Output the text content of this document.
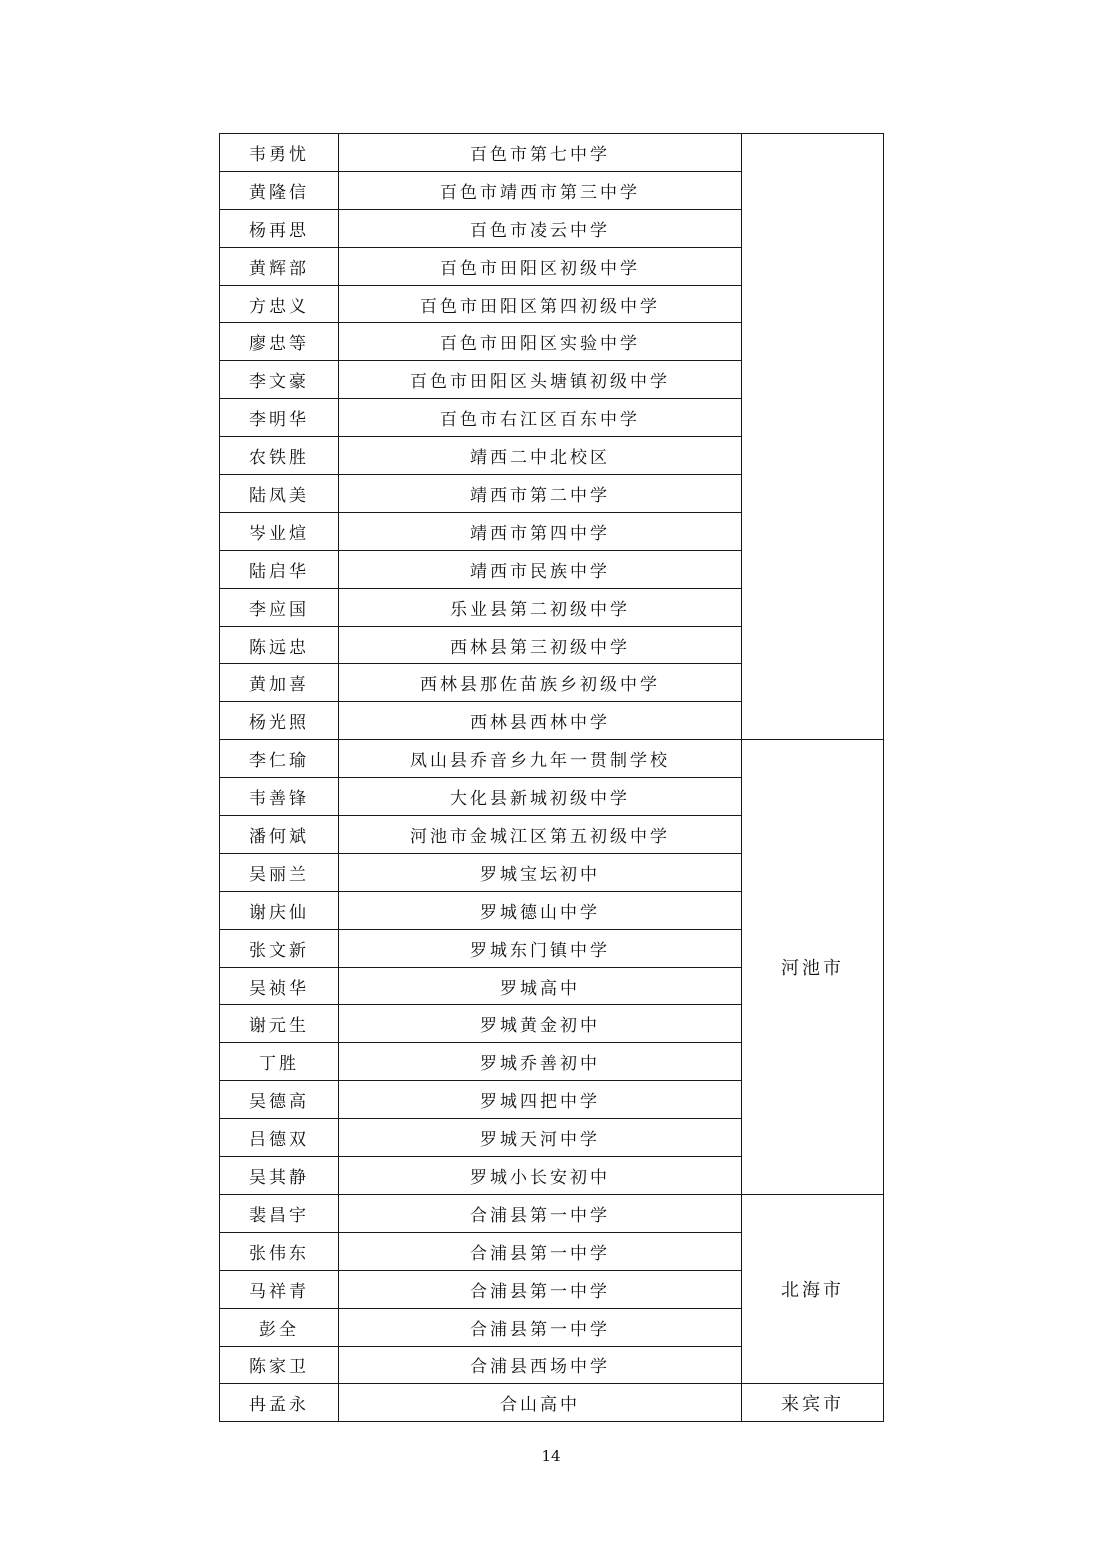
韦勇忧	百色市第七中学	
黄隆信	百色市靖西市第三中学	
杨再思	百色市凌云中学	
黄辉部	百色市田阳区初级中学	
方忠义	百色市田阳区第四初级中学	
廖忠等	百色市田阳区实验中学	
李文豪	百色市田阳区头塘镇初级中学	
李明华	百色市右江区百东中学	
农铁胜	靖西二中北校区	
陆凤美	靖西市第二中学	
岑业煊	靖西市第四中学	
陆启华	靖西市民族中学	
李应国	乐业县第二初级中学	
陈远忠	西林县第三初级中学	
黄加喜	西林县那佐苗族乡初级中学	
杨光照	西林县西林中学	
李仁瑜	凤山县乔音乡九年一贯制学校	河池市
韦善锋	大化县新城初级中学	
潘何斌	河池市金城江区第五初级中学	
吴丽兰	罗城宝坛初中	
谢庆仙	罗城德山中学	
张文新	罗城东门镇中学	
吴祯华	罗城高中	
谢元生	罗城黄金初中	
丁胜	罗城乔善初中	
吴德高	罗城四把中学	
吕德双	罗城天河中学	
吴其静	罗城小长安初中	
裴昌宇	合浦县第一中学	北海市
张伟东	合浦县第一中学	
马祥青	合浦县第一中学	
彭全	合浦县第一中学	
陈家卫	合浦县西场中学	
冉孟永	合山高中	来宾市
14
